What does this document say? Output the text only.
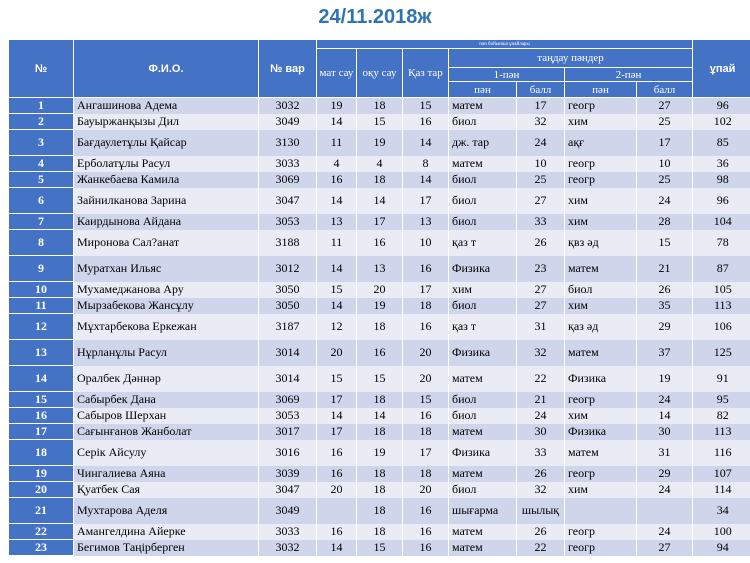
24/11.2018ж
№	Ф.И.О.	№ вар	пән бойынша ұпайлары							ұпай
			мат сау	оқу сау	Қаз тар	таңдау пәндер				
						1-пән		2-пән		
						пән	балл	пән	балл	
1	Ангашинова Адема	3032	19	18	15	матем	17	геогр	27	96
2	Бауыржанқызы Дил	3049	14	15	16	биол	32	хим	25	102
3	Бағдаулетұлы Қайсар	3130	11	19	14	дж. тар	24	ақғ	17	85
4	Ерболатұлы Расул	3033	4	4	8	матем	10	геогр	10	36
5	Жанкебаева Камила	3069	16	18	14	биол	25	геогр	25	98
6	Зайнилканова Зарина	3047	14	14	17	биол	27	хим	24	96
7	Каирдынова Айдана	3053	13	17	13	биол	33	хим	28	104
8	Миронова Сал?анат	3188	11	16	10	қаз т	26	қвз әд	15	78
9	Муратхан Ильяс	3012	14	13	16	Физика	23	матем	21	87
10	Мухамеджанова Ару	3050	15	20	17	хим	27	биол	26	105
11	Мырзабекова Жансұлу	3050	14	19	18	биол	27	хим	35	113
12	Мұхтарбекова Еркежан	3187	12	18	16	қаз т	31	қаз әд	29	106
13	Нұрланұлы Расул	3014	20	16	20	Физика	32	матем	37	125
14	Оралбек Дәннәр	3014	15	15	20	матем	22	Физика	19	91
15	Сабырбек Дана	3069	17	18	15	биол	21	геогр	24	95
16	Сабыров Шерхан	3053	14	14	16	биол	24	хим	14	82
17	Сағынғанов Жанболат	3017	17	18	18	матем	30	Физика	30	113
18	Серік Айсулу	3016	16	19	17	Физика	33	матем	31	116
19	Чингалиева Аяна	3039	16	18	18	матем	26	геогр	29	107
20	Қуатбек Сая	3047	20	18	20	биол	32	хим	24	114
21	Мухтарова Аделя	3049		18	16	шығарма	шылық			34
22	Амангелдина Айерке	3033	16	18	16	матем	26	геогр	24	100
23	Бегимов Таңірберген	3032	14	15	16	матем	22	геогр	27	94
